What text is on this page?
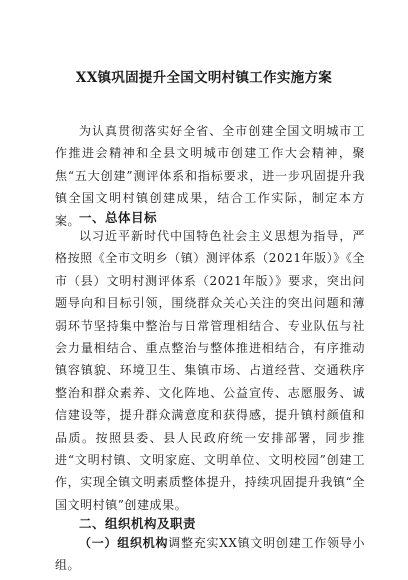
XX镇巩固提升全国文明村镇工作实施方案
为认真贯彻落实好全省、全市创建全国文明城市工作推进会精神和全县文明城市创建工作大会精神，聚焦“五大创建”测评体系和指标要求，进一步巩固提升我镇全国文明村镇创建成果，结合工作实际，制定本方案。
一、总体目标
以习近平新时代中国特色社会主义思想为指导，严格按照《全市文明乡（镇）测评体系（2021年版）》《全市（县）文明村测评体系（2021年版）》要求，突出问题导向和目标引领，围绕群众关心关注的突出问题和薄弱环节坚持集中整治与日常管理相结合、专业队伍与社会力量相结合、重点整治与整体推进相结合，有序推动镇容镇貌、环境卫生、集镇市场、占道经营、交通秩序整治和群众素养、文化阵地、公益宣传、志愿服务、诚信建设等，提升群众满意度和获得感，提升镇村颜值和品质。按照县委、县人民政府统一安排部署，同步推进“文明村镇、文明家庭、文明单位、文明校园”创建工作，实现全镇文明素质整体提升，持续巩固提升我镇“全国文明村镇”创建成果。
二、组织机构及职责
（一）组织机构调整充实XX镇文明创建工作领导小组。
